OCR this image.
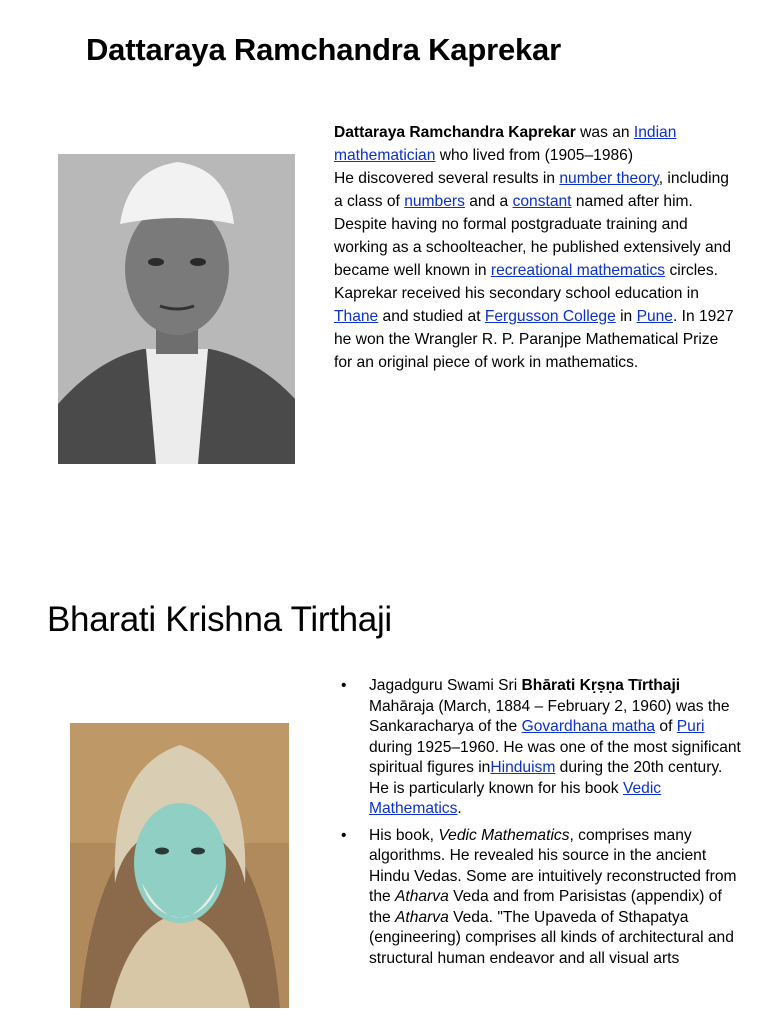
Dattaraya Ramchandra Kaprekar

Dattaraya Ramchandra Kaprekar was an Indian mathematician who lived from (1905–1986)

He discovered several results in number theory, including a class of numbers and a constant named after him.

Despite having no formal postgraduate training and working as a schoolteacher, he published extensively and became well known in recreational mathematics circles.

Kaprekar received his secondary school education in Thane and studied at Fergusson College in Pune. In 1927 he won the Wrangler R. P. Paranjpe Mathematical Prize for an original piece of work in mathematics.

Bharati Krishna Tirthaji
• Jagadguru Swami Sri Bhārati Kṛṣṇa Tīrthaji Mahāraja (March, 1884 – February 2, 1960) was the Sankaracharya of the Govardhana matha of Puri during 1925–1960. He was one of the most significant spiritual figures inHinduism during the 20th century. He is particularly known for his book Vedic Mathematics.
• His book, Vedic Mathematics, comprises many algorithms. He revealed his source in the ancient Hindu Vedas. Some are intuitively reconstructed from the Atharva Veda and from Parisistas (appendix) of the Atharva Veda. "The Upaveda of Sthapatya (engineering) comprises all kinds of architectural and structural human endeavor and all visual arts
